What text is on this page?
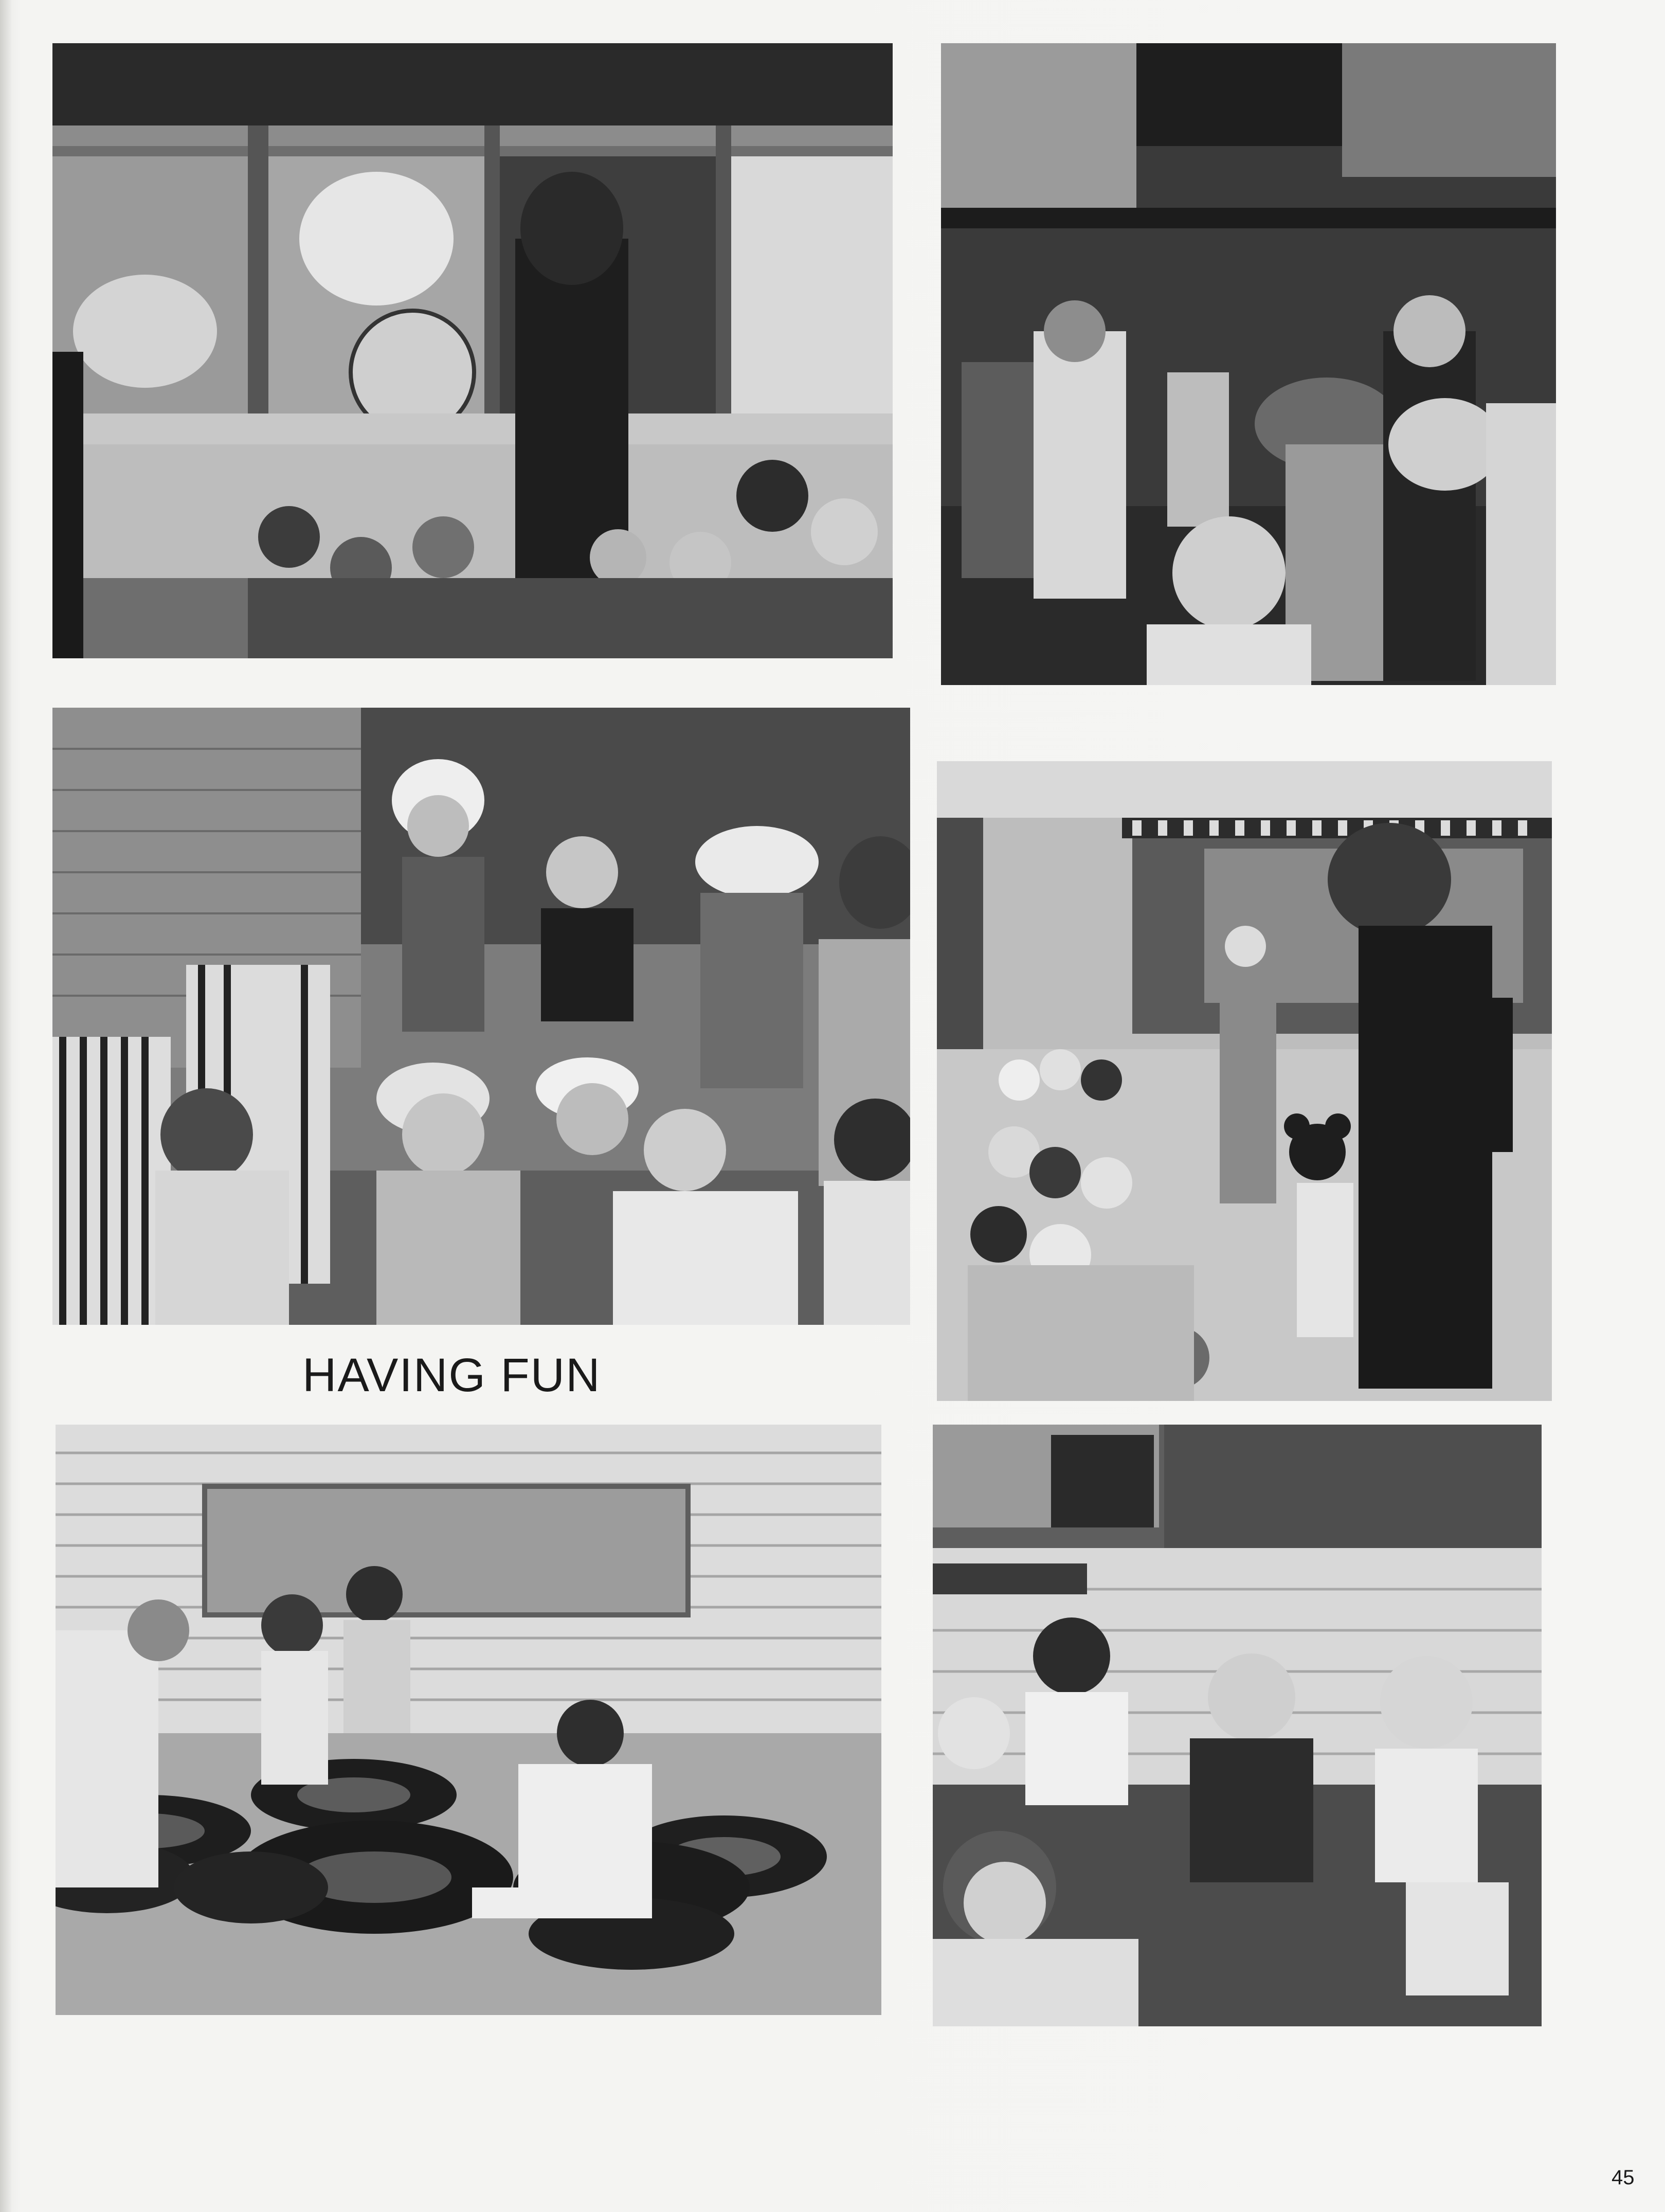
HAVING FUN
45
